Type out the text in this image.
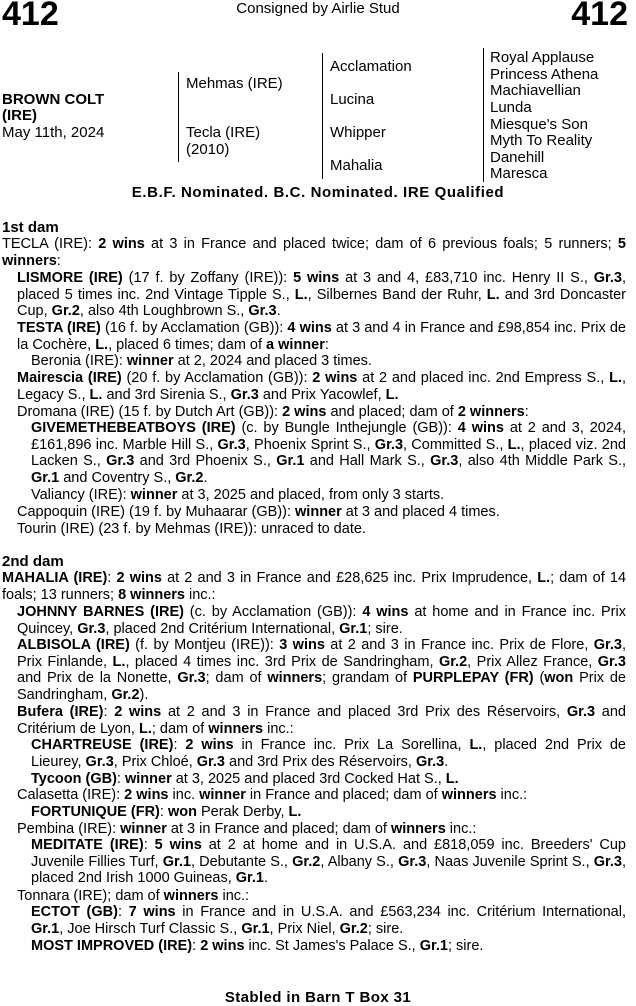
412	412
Consigned by Airlie Stud
BROWN COLT
(IRE)
May 11th, 2024
Mehmas (IRE)
Tecla (IRE)
(2010)
Acclamation
Lucina
Whipper
Mahalia
Royal Applause
Princess Athena
Machiavellian
Lunda
Miesque's Son
Myth To Reality
Danehill
Maresca
E.B.F. Nominated. B.C. Nominated. IRE Qualified
1st dam
TECLA (IRE): 2 wins at 3 in France and placed twice; dam of 6 previous foals; 5 runners; 5 winners:
LISMORE (IRE) (17 f. by Zoffany (IRE)): 5 wins at 3 and 4, £83,710 inc. Henry II S., Gr.3, placed 5 times inc. 2nd Vintage Tipple S., L., Silbernes Band der Ruhr, L. and 3rd Doncaster Cup, Gr.2, also 4th Loughbrown S., Gr.3.
TESTA (IRE) (16 f. by Acclamation (GB)): 4 wins at 3 and 4 in France and £98,854 inc. Prix de la Cochère, L., placed 6 times; dam of a winner:
Beronia (IRE): winner at 2, 2024 and placed 3 times.
Mairescia (IRE) (20 f. by Acclamation (GB)): 2 wins at 2 and placed inc. 2nd Empress S., L., Legacy S., L. and 3rd Sirenia S., Gr.3 and Prix Yacowlef, L.
Dromana (IRE) (15 f. by Dutch Art (GB)): 2 wins and placed; dam of 2 winners:
GIVEMETHEBEATBOYS (IRE) (c. by Bungle Inthejungle (GB)): 4 wins at 2 and 3, 2024, £161,896 inc. Marble Hill S., Gr.3, Phoenix Sprint S., Gr.3, Committed S., L., placed viz. 2nd Lacken S., Gr.3 and 3rd Phoenix S., Gr.1 and Hall Mark S., Gr.3, also 4th Middle Park S., Gr.1 and Coventry S., Gr.2.
Valiancy (IRE): winner at 3, 2025 and placed, from only 3 starts.
Cappoquin (IRE) (19 f. by Muhaarar (GB)): winner at 3 and placed 4 times.
Tourin (IRE) (23 f. by Mehmas (IRE)): unraced to date.
2nd dam
MAHALIA (IRE): 2 wins at 2 and 3 in France and £28,625 inc. Prix Imprudence, L.; dam of 14 foals; 13 runners; 8 winners inc.:
JOHNNY BARNES (IRE) (c. by Acclamation (GB)): 4 wins at home and in France inc. Prix Quincey, Gr.3, placed 2nd Critérium International, Gr.1; sire.
ALBISOLA (IRE) (f. by Montjeu (IRE)): 3 wins at 2 and 3 in France inc. Prix de Flore, Gr.3, Prix Finlande, L., placed 4 times inc. 3rd Prix de Sandringham, Gr.2, Prix Allez France, Gr.3 and Prix de la Nonette, Gr.3; dam of winners; grandam of PURPLEPAY (FR) (won Prix de Sandringham, Gr.2).
Bufera (IRE): 2 wins at 2 and 3 in France and placed 3rd Prix des Réservoirs, Gr.3 and Critérium de Lyon, L.; dam of winners inc.:
CHARTREUSE (IRE): 2 wins in France inc. Prix La Sorellina, L., placed 2nd Prix de Lieurey, Gr.3, Prix Chloé, Gr.3 and 3rd Prix des Réservoirs, Gr.3.
Tycoon (GB): winner at 3, 2025 and placed 3rd Cocked Hat S., L.
Calasetta (IRE): 2 wins inc. winner in France and placed; dam of winners inc.:
FORTUNIQUE (FR): won Perak Derby, L.
Pembina (IRE): winner at 3 in France and placed; dam of winners inc.:
MEDITATE (IRE): 5 wins at 2 at home and in U.S.A. and £818,059 inc. Breeders' Cup Juvenile Fillies Turf, Gr.1, Debutante S., Gr.2, Albany S., Gr.3, Naas Juvenile Sprint S., Gr.3, placed 2nd Irish 1000 Guineas, Gr.1.
Tonnara (IRE); dam of winners inc.:
ECTOT (GB): 7 wins in France and in U.S.A. and £563,234 inc. Critérium International, Gr.1, Joe Hirsch Turf Classic S., Gr.1, Prix Niel, Gr.2; sire.
MOST IMPROVED (IRE): 2 wins inc. St James's Palace S., Gr.1; sire.
Stabled in Barn T Box 31
